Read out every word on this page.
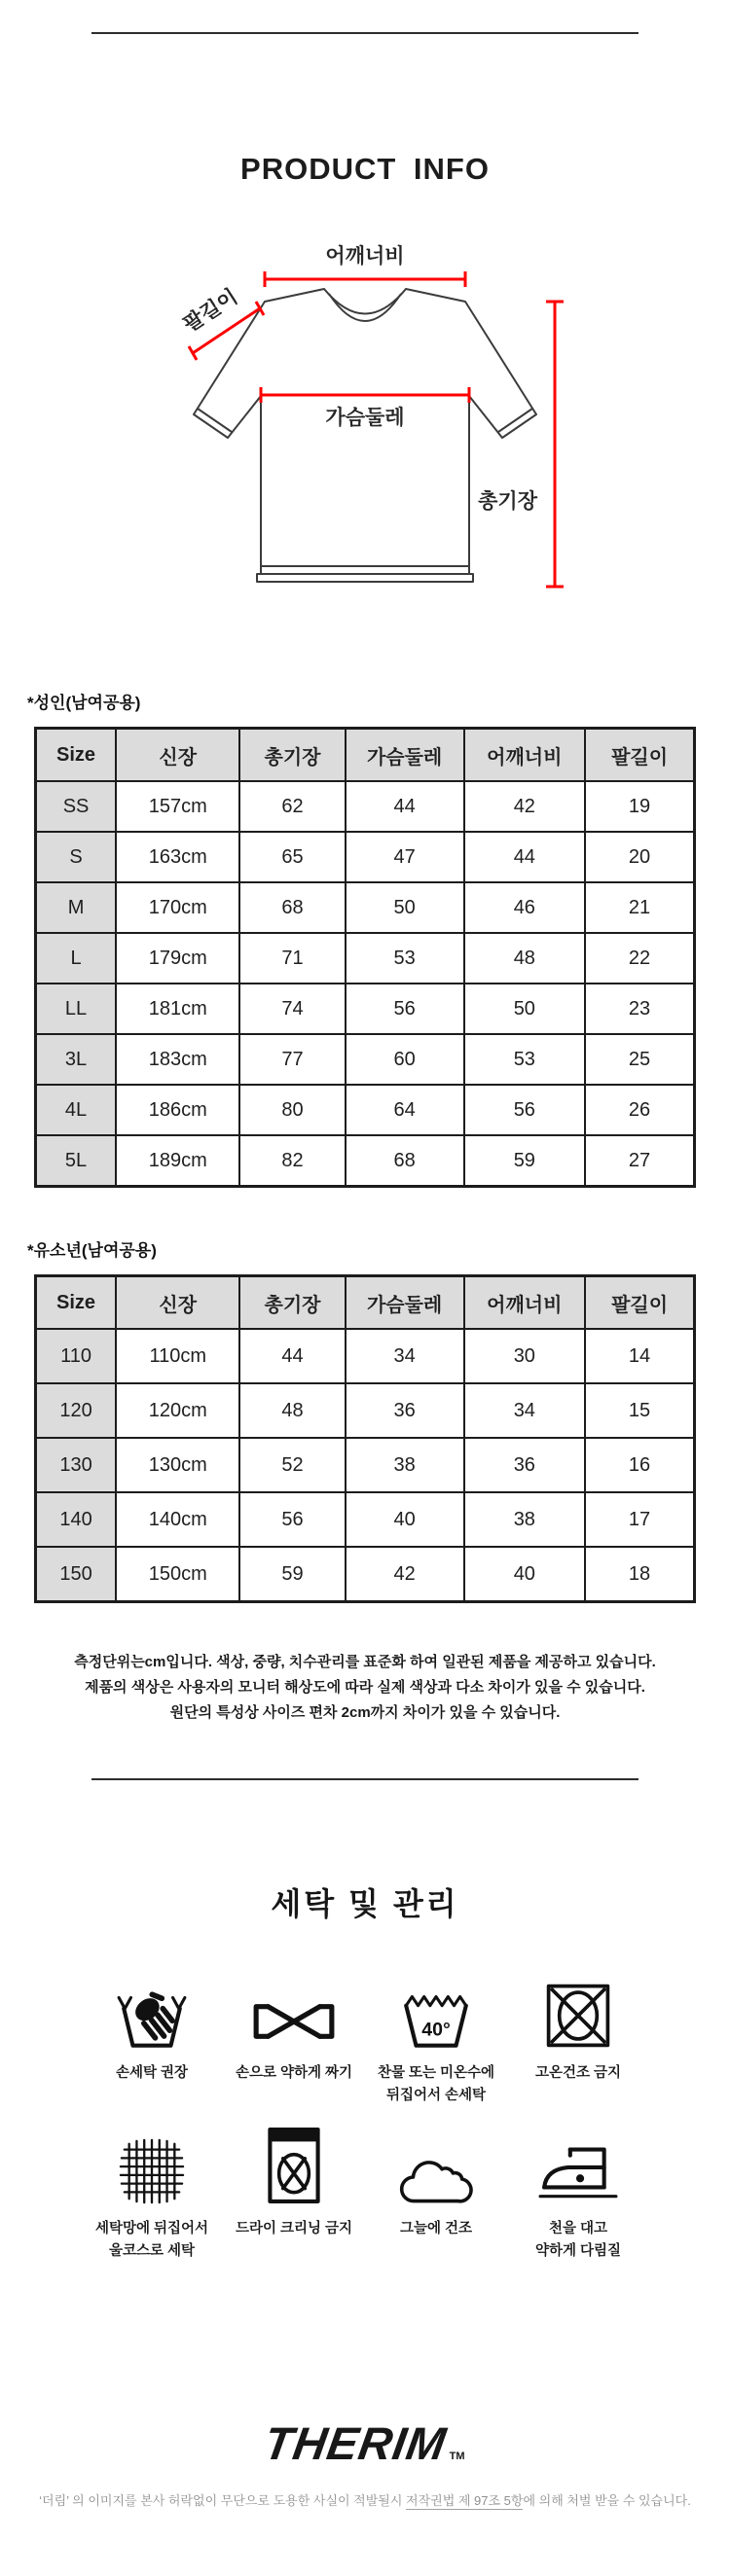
PRODUCT INFO
어깨너비
팔길이
가슴둘레
총기장
*성인(남여공용)
Size	신장	총기장	가슴둘레	어깨너비	팔길이
SS	157cm	62	44	42	19
S	163cm	65	47	44	20
M	170cm	68	50	46	21
L	179cm	71	53	48	22
LL	181cm	74	56	50	23
3L	183cm	77	60	53	25
4L	186cm	80	64	56	26
5L	189cm	82	68	59	27
*유소년(남여공용)
Size	신장	총기장	가슴둘레	어깨너비	팔길이
110	110cm	44	34	30	14
120	120cm	48	36	34	15
130	130cm	52	38	36	16
140	140cm	56	40	38	17
150	150cm	59	42	40	18
측정단위는cm입니다. 색상, 중량, 치수관리를 표준화 하여 일관된 제품을 제공하고 있습니다.
제품의 색상은 사용자의 모니터 해상도에 따라 실제 색상과 다소 차이가 있을 수 있습니다.
원단의 특성상 사이즈 편차 2cm까지 차이가 있을 수 있습니다.
세탁 및 관리
손세탁 권장	손으로 약하게 짜기
40°
찬물 또는 미온수에
뒤집어서 손세탁
고온건조 금지
세탁망에 뒤집어서
울코스로 세탁
드라이 크리닝 금지	그늘에 건조	천을 대고
약하게 다림질
THERIMTM
‘더림’ 의 이미지를 본사 허락없이 무단으로 도용한 사실이 적발될시 저작권법 제 97조 5항에 의해 처벌 받을 수 있습니다.
